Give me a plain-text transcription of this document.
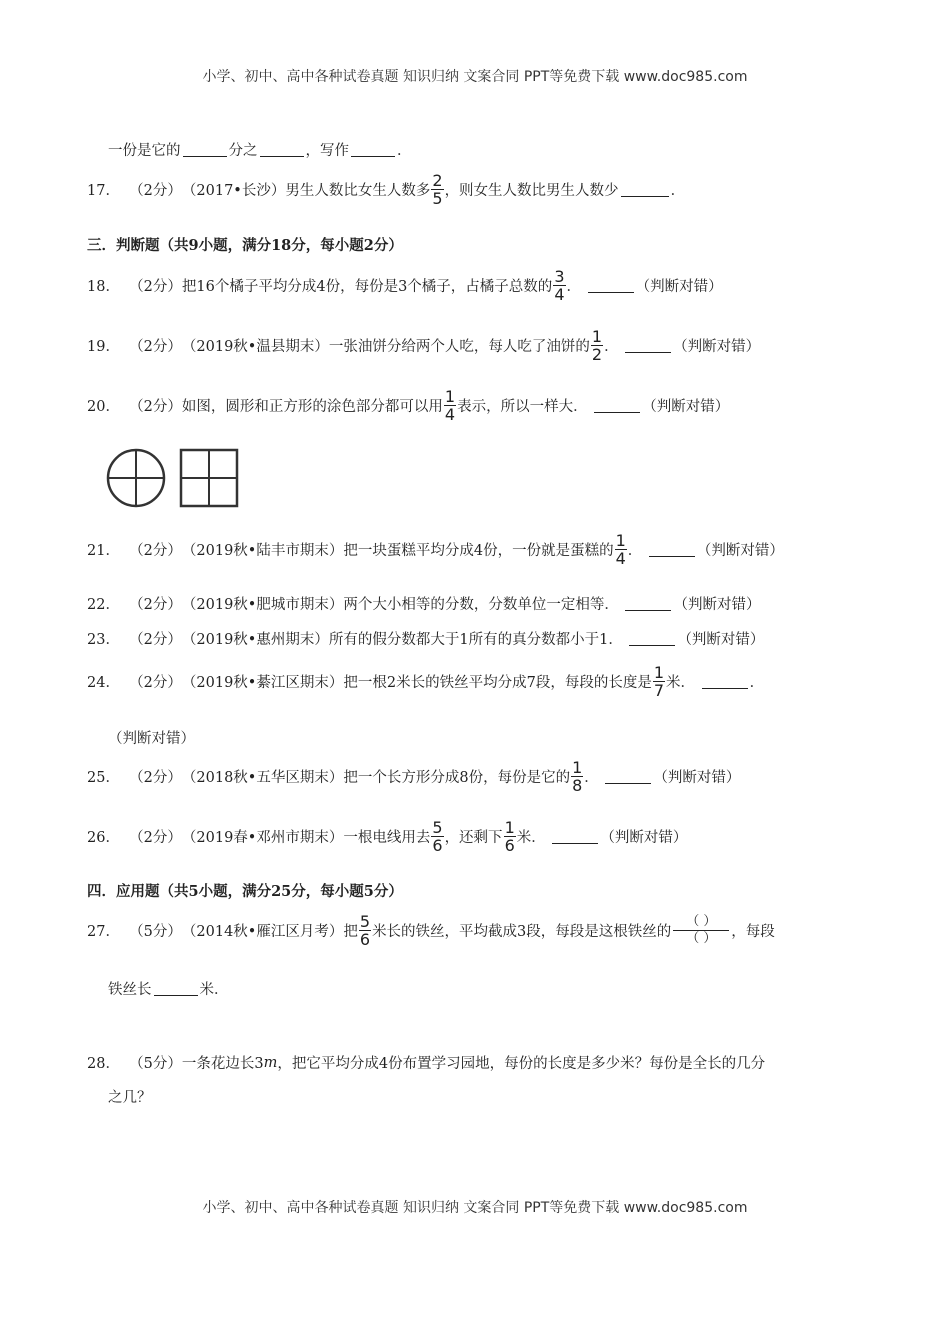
小学、初中、高中各种试卷真题 知识归纳 文案合同 PPT等免费下载 www.doc985.com
一份是它的	分之	，写作	．
17．
（2分） （2017•长沙） 男生人数比女生人数多 $\frac{2}{5}$ ，则女生人数比男生人数少	．
三．判断题（共9小题，满分18分，每小题2分）
18．
（2分） 把16个橘子平均分成4份，每份是3个橘子，占橘子总数的 $\frac{3}{4}$ ．
	（判断对错）
19．
（2分） （2019秋•温县期末） 一张油饼分给两个人吃，每人吃了油饼的 $\frac{1}{2}$ ．
	（判断对错）
20．
（2分） 如图，圆形和正方形的涂色部分都可以用 $\frac{1}{4}$ 表示，所以一样大．
	（判断对错）
21．
（2分） （2019秋•陆丰市期末） 把一块蛋糕平均分成4份，一份就是蛋糕的 $\frac{1}{4}$ ．
	（判断对错）
22．
（2分） （2019秋•肥城市期末） 两个大小相等的分数，分数单位一定相等．
	（判断对错）
23．
（2分） （2019秋•惠州期末） 所有的假分数都大于1所有的真分数都小于1．
	（判断对错）
24．
（2分） （2019秋•綦江区期末） 把一根2米长的铁丝平均分成7段，每段的长度是 $\frac{1}{7}$ 米．
	．
（判断对错）
25．
（2分） （2018秋•五华区期末） 把一个长方形分成8份，每份是它的 $\frac{1}{8}$ ．
	（判断对错）
26．
（2分） （2019春•邓州市期末） 一根电线用去 $\frac{5}{6}$ ，还剩下 $\frac{1}{6}$ 米．
	（判断对错）
四．应用题（共5小题，满分25分，每小题5分）
27．
（5分） （2014秋•雁江区月考） 把 $\frac{5}{6}$ 米长的铁丝，平均截成3段，每段是这根铁丝的
（ ）
（ ） ，每段
铁丝长	米．
28．
（5分） 一条花边长3 m ，把它平均分成4份布置学习园地，每份的长度是多少米？每份是全长的几分
之几？
小学、初中、高中各种试卷真题 知识归纳 文案合同 PPT等免费下载 www.doc985.com
